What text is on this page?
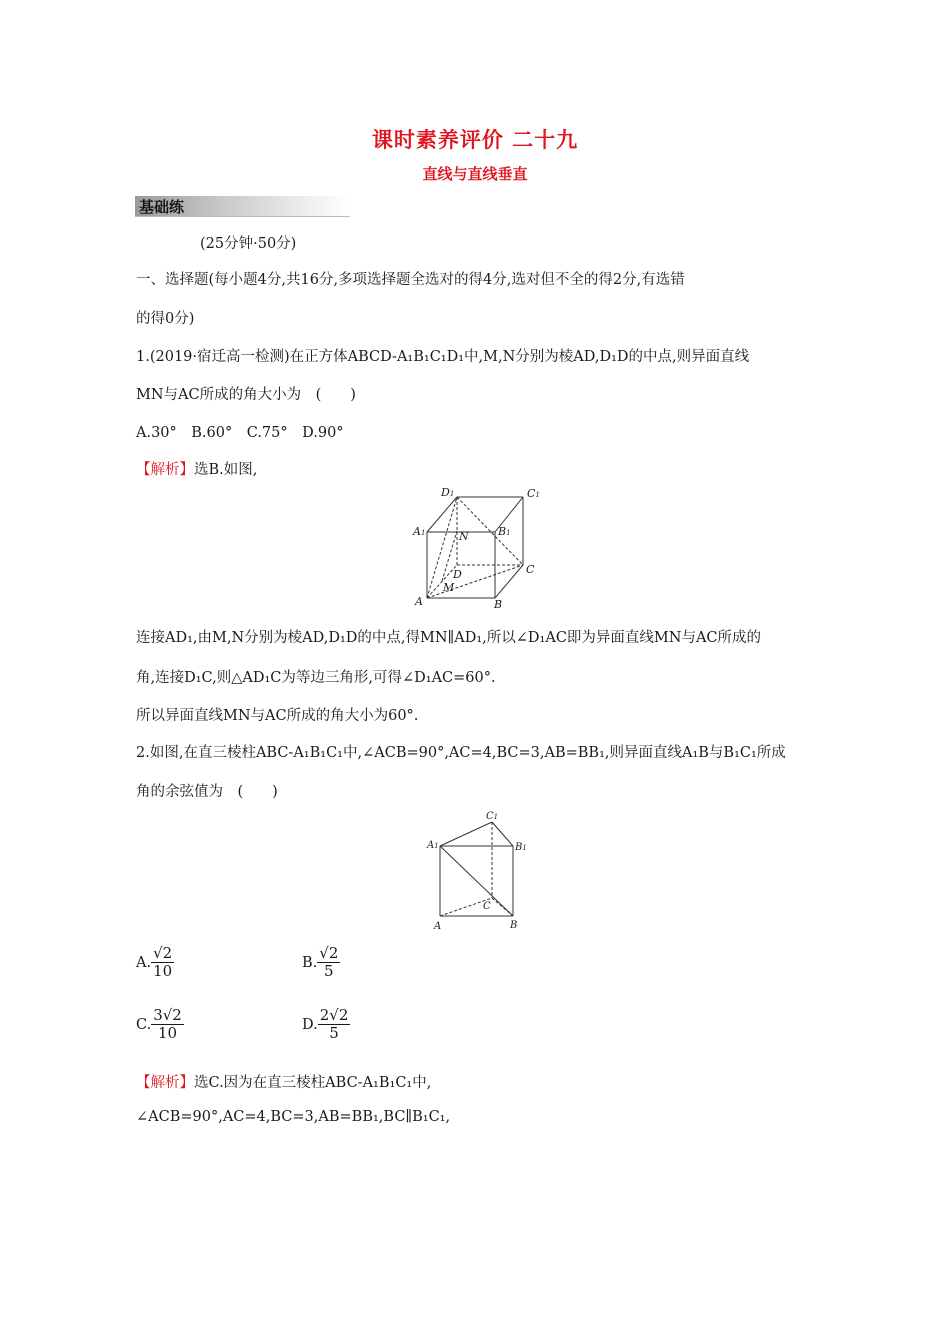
课时素养评价 二十九
直线与直线垂直
基础练
(25分钟·50分)
一、选择题(每小题4分,共16分,多项选择题全选对的得4分,选对但不全的得2分,有选错
的得0分)
1.(2019·宿迁高一检测)在正方体ABCD-A₁B₁C₁D₁中,M,N分别为棱AD,D₁D的中点,则异面直线
MN与AC所成的角大小为　(　　)
A.30°　B.60°　C.75°　D.90°
【解析】选B.如图,
D1	C1
A1	B1
N
D	C
A
M
B
连接AD₁,由M,N分别为棱AD,D₁D的中点,得MN∥AD₁,所以∠D₁AC即为异面直线MN与AC所成的
角,连接D₁C,则△AD₁C为等边三角形,可得∠D₁AC=60°.
所以异面直线MN与AC所成的角大小为60°.
2.如图,在直三棱柱ABC-A₁B₁C₁中,∠ACB=90°,AC=4,BC=3,AB=BB₁,则异面直线A₁B与B₁C₁所成
角的余弦值为　(　　)
C1
A1	B1
C
A	B
A. $\frac{√2}{10}$	B. $\frac{√2}{5}$
C. $\frac{3√2}{10}$	D. $\frac{2√2}{5}$
【解析】选C.因为在直三棱柱ABC-A₁B₁C₁中,
∠ACB=90°,AC=4,BC=3,AB=BB₁,BC∥B₁C₁,
